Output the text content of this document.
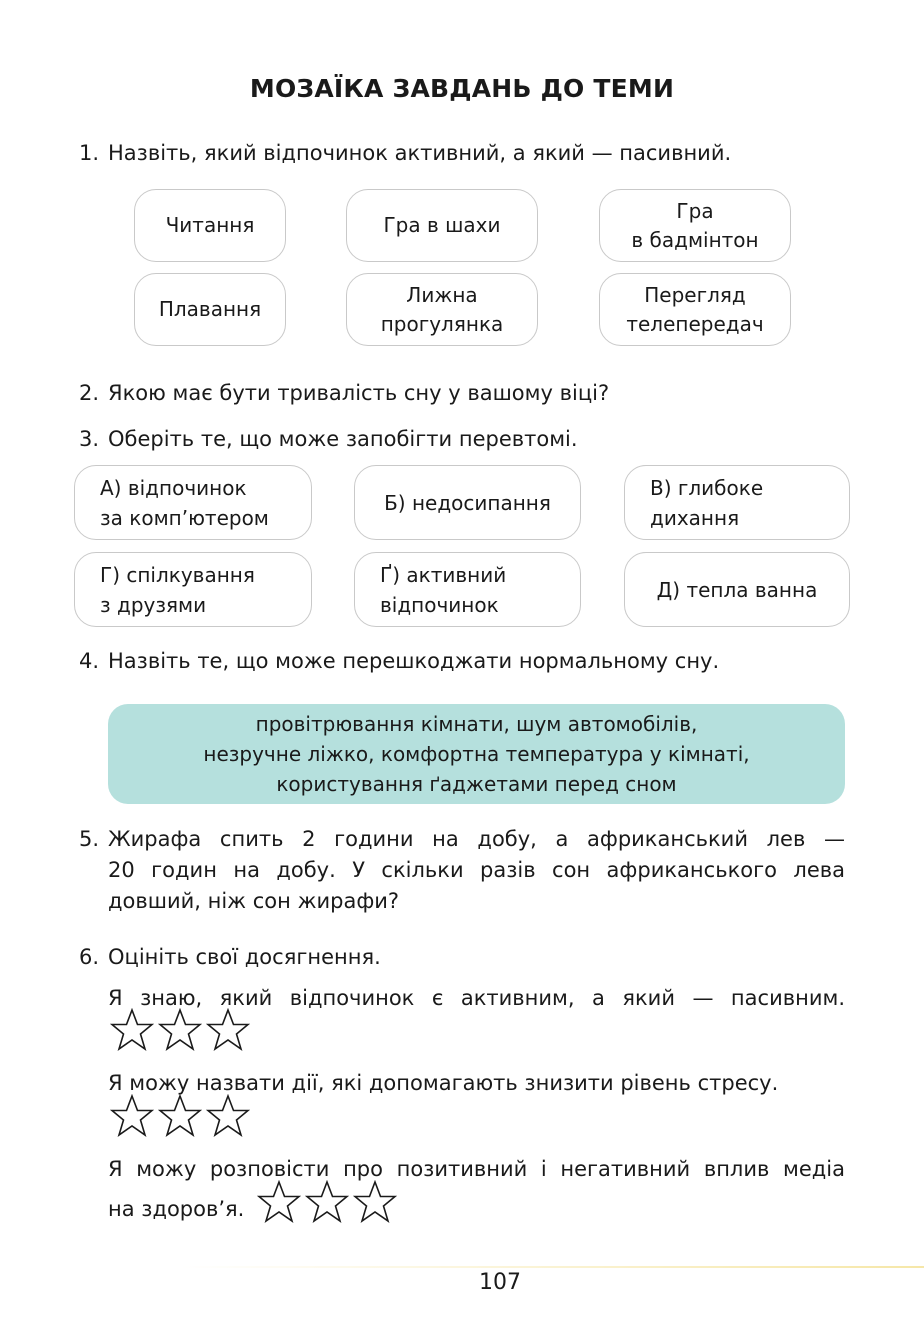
МОЗАЇКА ЗАВДАНЬ ДО ТЕМИ
1. Назвіть, який відпочинок активний, а який — пасивний.
Читання	Гра в шахи
Гра
в бадмінтон
Плавання
Лижна
прогулянка
Перегляд
телепередач
2. Якою має бути тривалість сну у вашому віці?
3. Оберіть те, що може запобігти перевтомі.
А) відпочинок
за комп’ютером
Б) недосипання
В) глибоке
дихання
Г) спілкування
з друзями
Ґ) активний
відпочинок
Д) тепла ванна
4. Назвіть те, що може перешкоджати нормальному сну.
провітрювання кімнати, шум автомобілів,
незручне ліжко, комфортна температура у кімнаті,
користування ґаджетами перед сном
5. Жирафа спить 2 години на добу, а африканський лев —
20 годин на добу. У скільки разів сон африканського лева
довший, ніж сон жирафи?
6. Оцініть свої досягнення.
Я знаю, який відпочинок є активним, а який — пасивним.
Я можу назвати дії, які допомагають знизити рівень стресу.
Я можу розповісти про позитивний і негативний вплив медіа
на здоров’я.
107
